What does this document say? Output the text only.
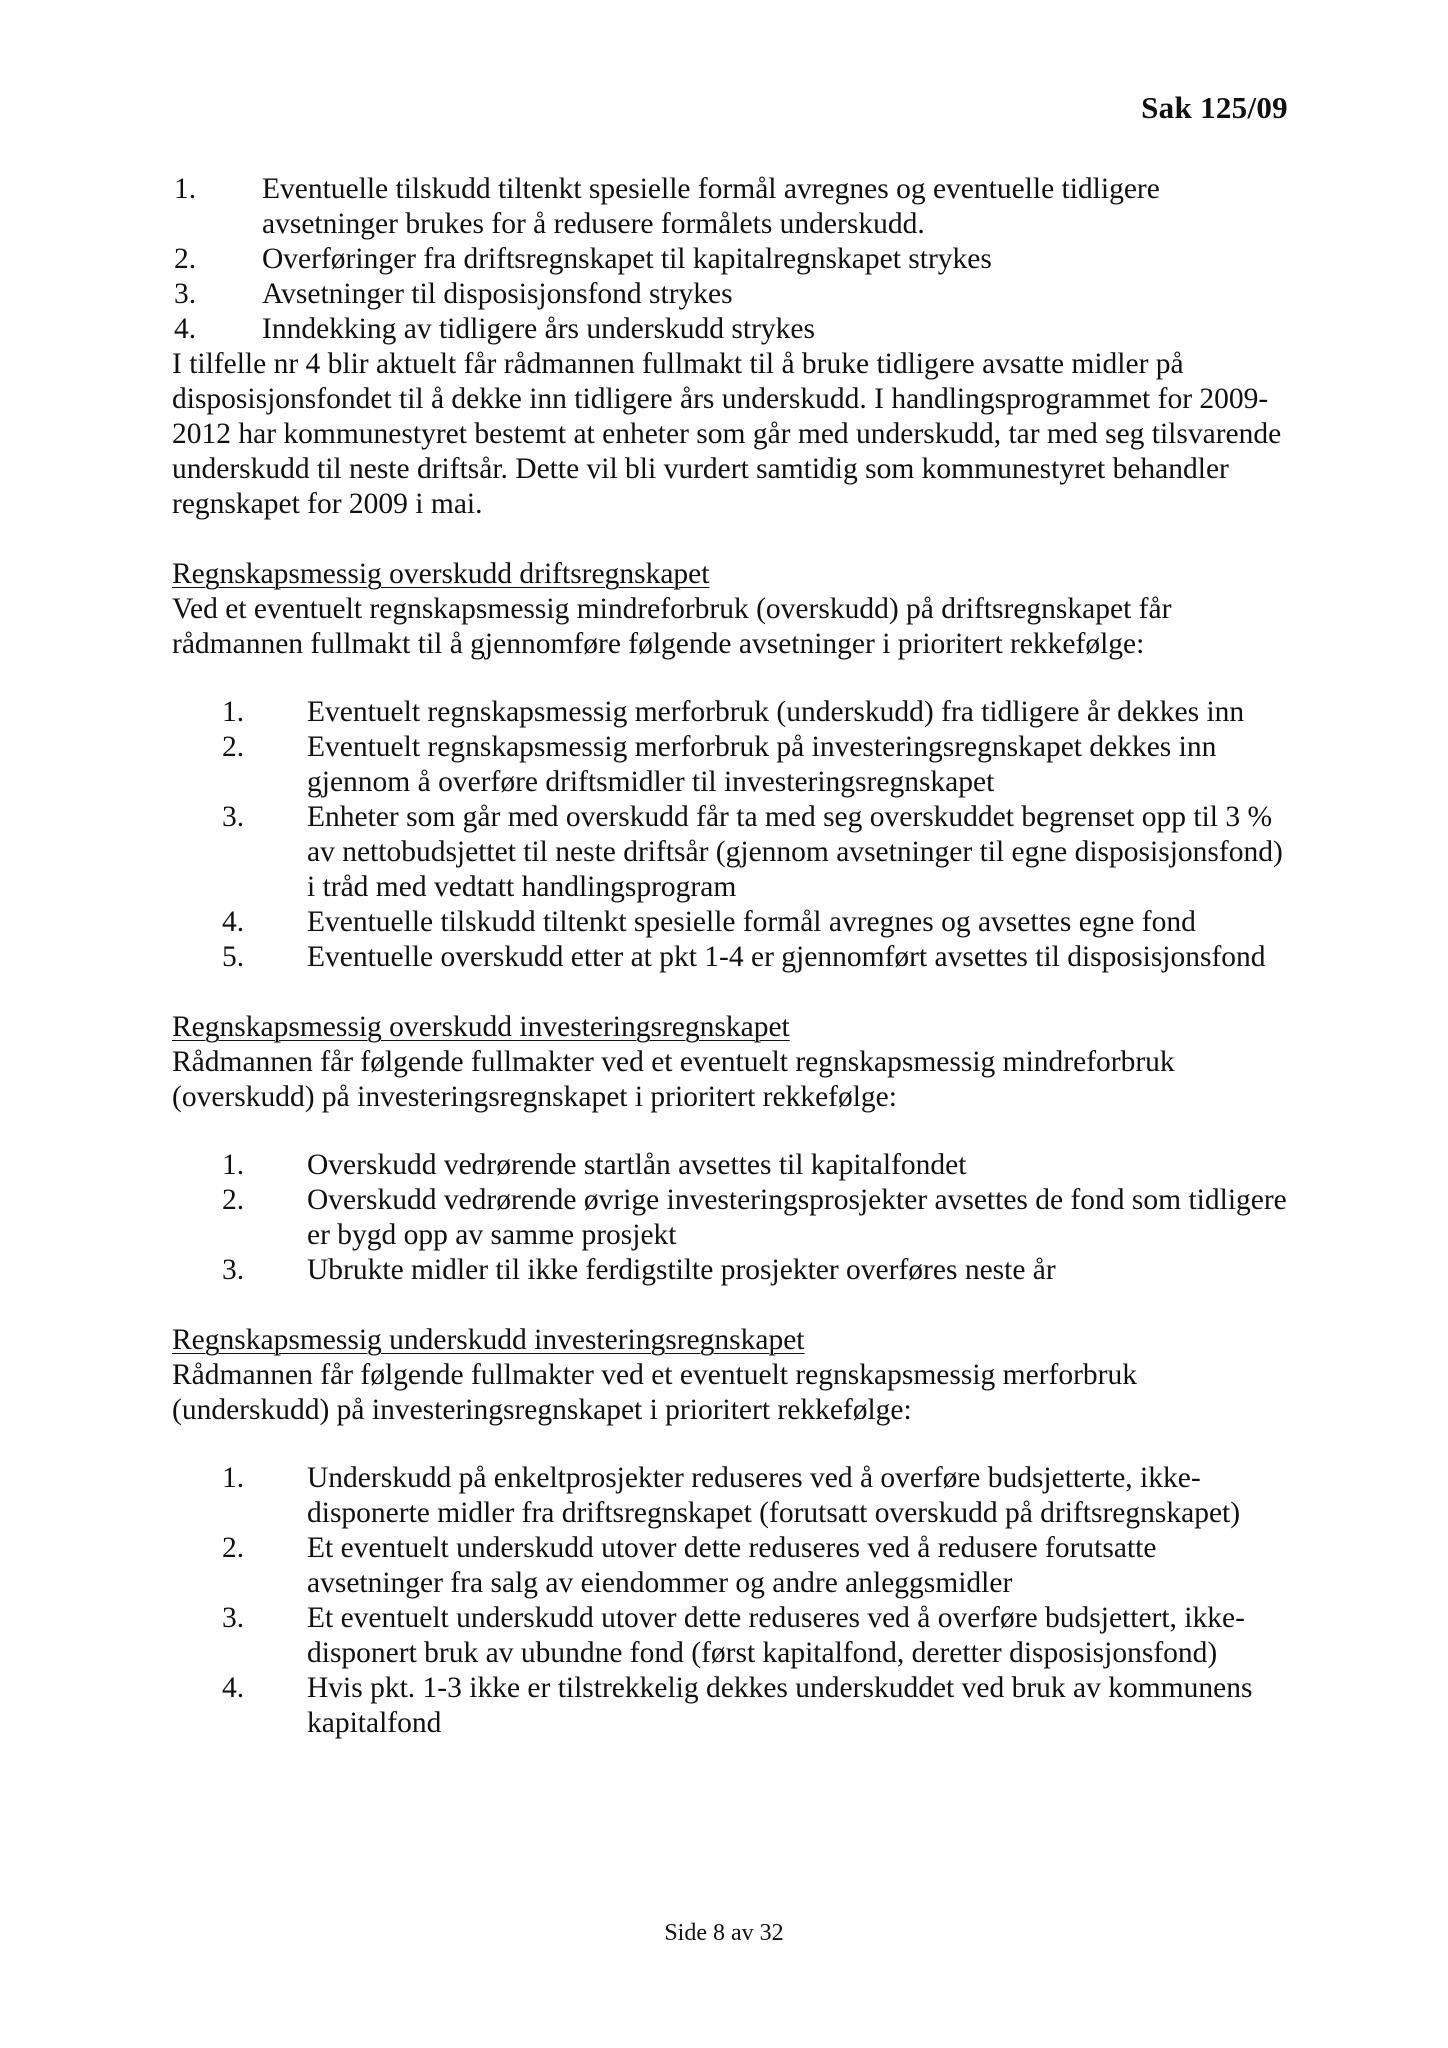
Sak 125/09
1. Eventuelle tilskudd tiltenkt spesielle formål avregnes og eventuelle tidligere avsetninger brukes for å redusere formålets underskudd.
2. Overføringer fra driftsregnskapet til kapitalregnskapet strykes
3. Avsetninger til disposisjonsfond strykes
4. Inndekking av tidligere års underskudd strykes

I tilfelle nr 4 blir aktuelt får rådmannen fullmakt til å bruke tidligere avsatte midler på disposisjonsfondet til å dekke inn tidligere års underskudd. I handlingsprogrammet for 2009-2012 har kommunestyret bestemt at enheter som går med underskudd, tar med seg tilsvarende underskudd til neste driftsår. Dette vil bli vurdert samtidig som kommunestyret behandler regnskapet for 2009 i mai.

Regnskapsmessig overskudd driftsregnskapet

Ved et eventuelt regnskapsmessig mindreforbruk (overskudd) på driftsregnskapet får rådmannen fullmakt til å gjennomføre følgende avsetninger i prioritert rekkefølge:

1. Eventuelt regnskapsmessig merforbruk (underskudd) fra tidligere år dekkes inn
2. Eventuelt regnskapsmessig merforbruk på investeringsregnskapet dekkes inn gjennom å overføre driftsmidler til investeringsregnskapet
3. Enheter som går med overskudd får ta med seg overskuddet begrenset opp til 3 % av nettobudsjettet til neste driftsår (gjennom avsetninger til egne disposisjonsfond) i tråd med vedtatt handlingsprogram
4. Eventuelle tilskudd tiltenkt spesielle formål avregnes og avsettes egne fond
5. Eventuelle overskudd etter at pkt 1-4 er gjennomført avsettes til disposisjonsfond

Regnskapsmessig overskudd investeringsregnskapet

Rådmannen får følgende fullmakter ved et eventuelt regnskapsmessig mindreforbruk (overskudd) på investeringsregnskapet i prioritert rekkefølge:

1. Overskudd vedrørende startlån avsettes til kapitalfondet
2. Overskudd vedrørende øvrige investeringsprosjekter avsettes de fond som tidligere er bygd opp av samme prosjekt
3. Ubrukte midler til ikke ferdigstilte prosjekter overføres neste år

Regnskapsmessig underskudd investeringsregnskapet

Rådmannen får følgende fullmakter ved et eventuelt regnskapsmessig merforbruk (underskudd) på investeringsregnskapet i prioritert rekkefølge:

1. Underskudd på enkeltprosjekter reduseres ved å overføre budsjetterte, ikke-disponerte midler fra driftsregnskapet (forutsatt overskudd på driftsregnskapet)
2. Et eventuelt underskudd utover dette reduseres ved å redusere forutsatte avsetninger fra salg av eiendommer og andre anleggsmidler
3. Et eventuelt underskudd utover dette reduseres ved å overføre budsjettert, ikke-disponert bruk av ubundne fond (først kapitalfond, deretter disposisjonsfond)
4. Hvis pkt. 1-3 ikke er tilstrekkelig dekkes underskuddet ved bruk av kommunens kapitalfond
Side 8 av 32
